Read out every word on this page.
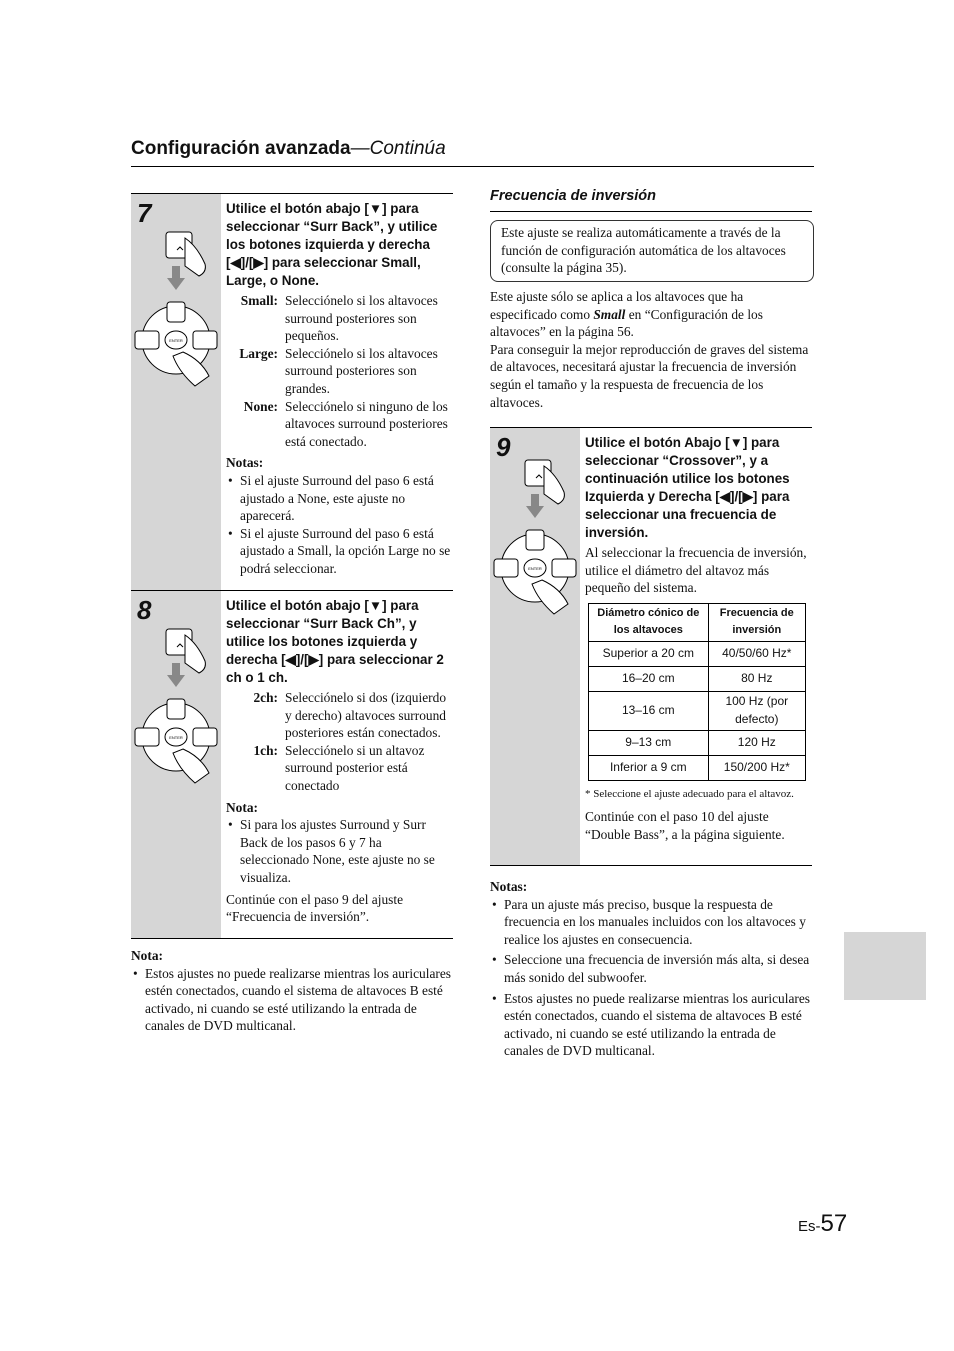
Configuración avanzada—Continúa
7
ENTER
Utilice el botón abajo [▼] para seleccionar “Surr Back”, y utilice los botones izquierda y derecha [◀]/[▶] para seleccionar Small, Large, o None.
Small: Selecciónelo si los altavoces surround posteriores son pequeños.
Large: Selecciónelo si los altavoces surround posteriores son grandes.
None: Selecciónelo si ninguno de los altavoces surround posteriores está conectado.
Notas:
• Si el ajuste Surround del paso 6 está ajustado a None, este ajuste no aparecerá.
• Si el ajuste Surround del paso 6 está ajustado a Small, la opción Large no se podrá seleccionar.
8
ENTER
Utilice el botón abajo [▼] para seleccionar “Surr Back Ch”, y utilice los botones izquierda y derecha [◀]/[▶] para seleccionar 2 ch o 1 ch.
2ch: Selecciónelo si dos (izquierdo y derecho) altavoces surround posteriores están conectados.
1ch: Selecciónelo si un altavoz surround posterior está conectado
Nota:
• Si para los ajustes Surround y Surr Back de los pasos 6 y 7 ha seleccionado None, este ajuste no se visualiza.

Continúe con el paso 9 del ajuste “Frecuencia de inversión”.

Nota:
• Estos ajustes no puede realizarse mientras los auriculares estén conectados, cuando el sistema de altavoces B esté activado, ni cuando se esté utilizando la entrada de canales de DVD multicanal.
Frecuencia de inversión

Este ajuste se realiza automáticamente a través de la función de configuración automática de los altavoces (consulte la página 35).

Este ajuste sólo se aplica a los altavoces que ha especificado como Small en “Configuración de los altavoces” en la página 56.

Para conseguir la mejor reproducción de graves del sistema de altavoces, necesitará ajustar la frecuencia de inversión según el tamaño y la respuesta de frecuencia de los altavoces.

9
ENTER
Utilice el botón Abajo [▼] para seleccionar “Crossover”, y a continuación utilice los botones Izquierda y Derecha [◀]/[▶] para seleccionar una frecuencia de inversión.

Al seleccionar la frecuencia de inversión, utilice el diámetro del altavoz más pequeño del sistema.

Diámetro cónico de los altavoces	Frecuencia de inversión
Superior a 20 cm	40/50/60 Hz*
16–20 cm	80 Hz
13–16 cm	100 Hz (por defecto)
9–13 cm	120 Hz
Inferior a 9 cm	150/200 Hz*

* Seleccione el ajuste adecuado para el altavoz.

Continúe con el paso 10 del ajuste “Double Bass”, a la página siguiente.

Notas:
• Para un ajuste más preciso, busque la respuesta de frecuencia en los manuales incluidos con los altavoces y realice los ajustes en consecuencia.
• Seleccione una frecuencia de inversión más alta, si desea más sonido del subwoofer.
• Estos ajustes no puede realizarse mientras los auriculares estén conectados, cuando el sistema de altavoces B esté activado, ni cuando se esté utilizando la entrada de canales de DVD multicanal.
Es-57
